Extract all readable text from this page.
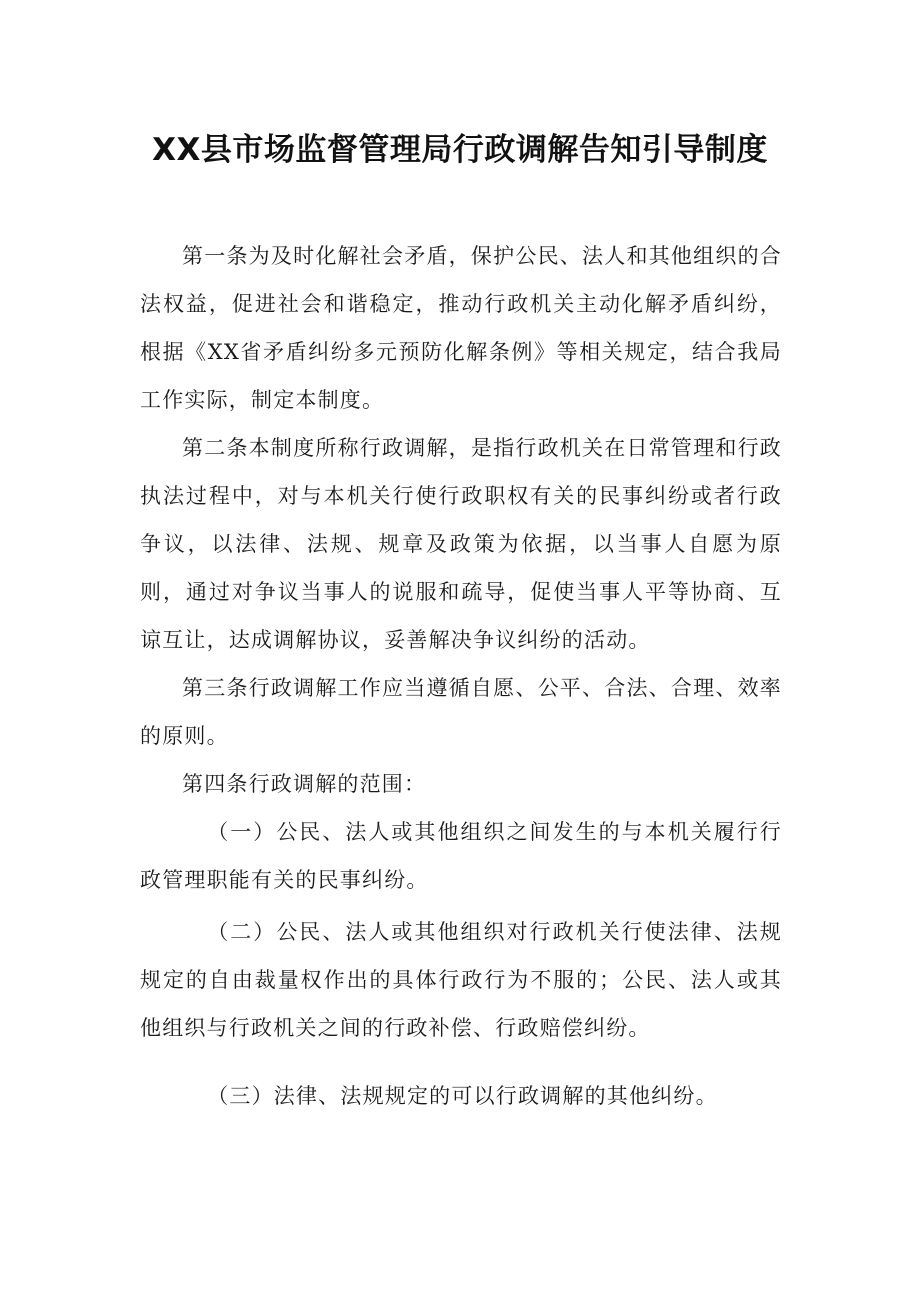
XX县市场监督管理局行政调解告知引导制度

第一条为及时化解社会矛盾，保护公民、法人和其他组织的合法权益，促进社会和谐稳定，推动行政机关主动化解矛盾纠纷，根据《XX省矛盾纠纷多元预防化解条例》等相关规定，结合我局工作实际，制定本制度。

第二条本制度所称行政调解，是指行政机关在日常管理和行政执法过程中，对与本机关行使行政职权有关的民事纠纷或者行政争议，以法律、法规、规章及政策为依据，以当事人自愿为原则，通过对争议当事人的说服和疏导，促使当事人平等协商、互谅互让，达成调解协议，妥善解决争议纠纷的活动。

第三条行政调解工作应当遵循自愿、公平、合法、合理、效率的原则。

第四条行政调解的范围：

（一）公民、法人或其他组织之间发生的与本机关履行行政管理职能有关的民事纠纷。

（二）公民、法人或其他组织对行政机关行使法律、法规规定的自由裁量权作出的具体行政行为不服的；公民、法人或其他组织与行政机关之间的行政补偿、行政赔偿纠纷。

（三）法律、法规规定的可以行政调解的其他纠纷。
